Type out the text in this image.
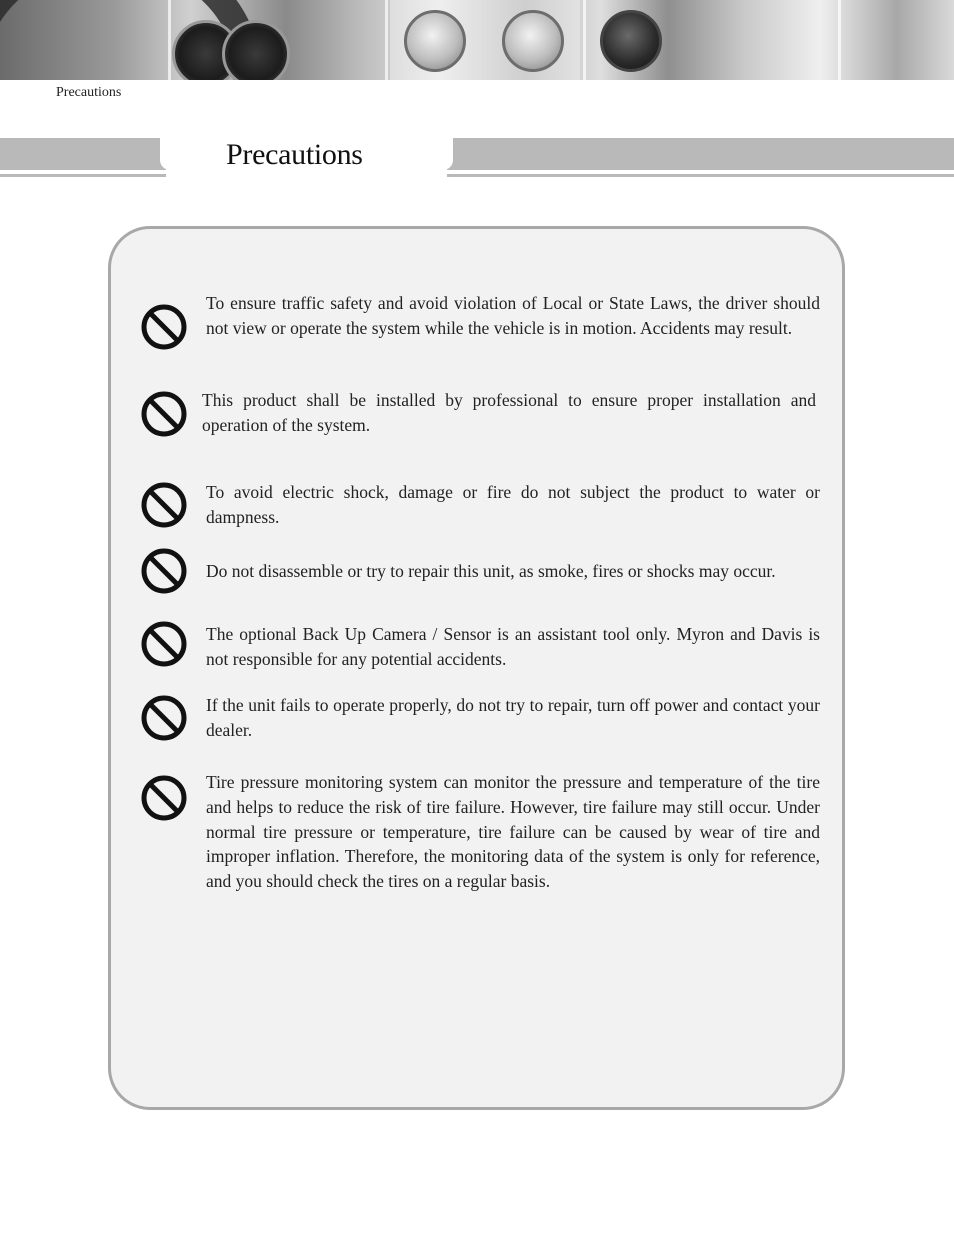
Precautions
Precautions

To ensure traffic safety and avoid violation of Local or State Laws, the driver should not view or operate the system while the vehicle is in motion. Accidents may result.

This product shall be installed by professional to ensure proper installation and operation of the system.

To avoid electric shock, damage or fire do not subject the product to water or dampness.

Do not disassemble or try to repair this unit, as smoke, fires or shocks may occur.

The optional Back Up Camera / Sensor is an assistant tool only. Myron and Davis is not responsible for any potential accidents.

If the unit fails to operate properly, do not try to repair, turn off power and contact your dealer.

Tire pressure monitoring system can monitor the pressure and temperature of the tire and helps to reduce the risk of tire failure. However, tire failure may still occur. Under normal tire pressure or temperature, tire failure can be caused by wear of tire and improper inflation. Therefore, the monitoring data of the system is only for reference, and you should check the tires on a regular basis.
